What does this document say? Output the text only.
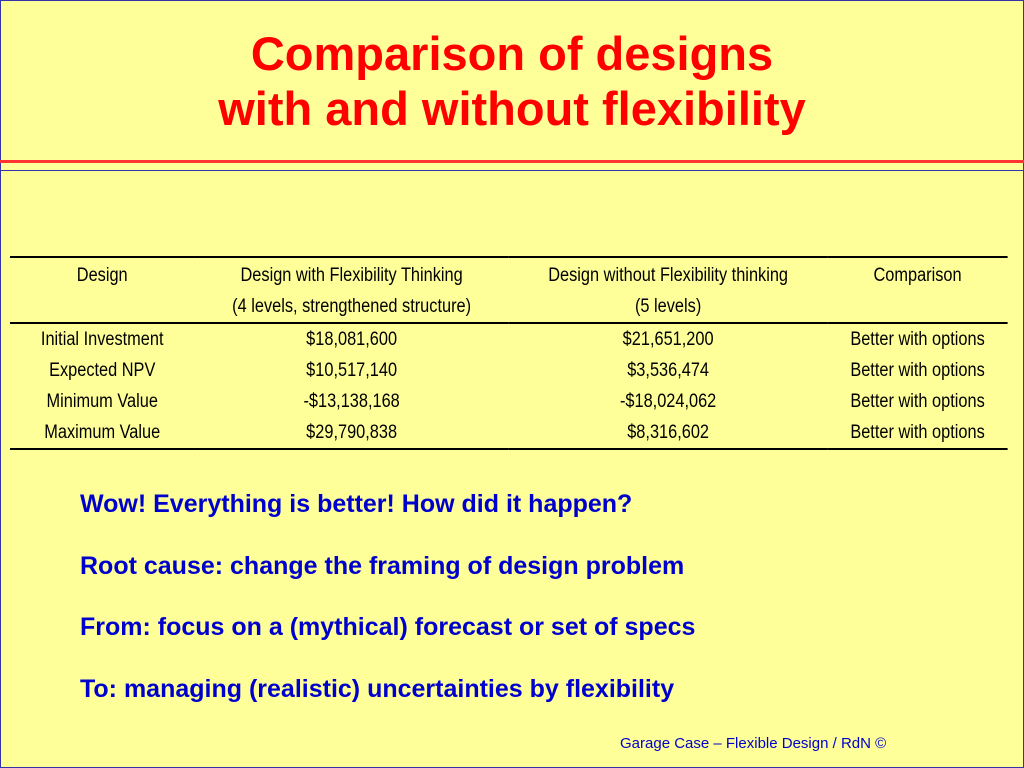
Comparison of designs
with and without flexibility
Design	Design with Flexibility Thinking	Design without Flexibility thinking	Comparison
	(4 levels, strengthened structure)	(5 levels)	
Initial Investment	$18,081,600	$21,651,200	Better with options
Expected NPV	$10,517,140	$3,536,474	Better with options
Minimum Value	-$13,138,168	-$18,024,062	Better with options
Maximum Value	$29,790,838	$8,316,602	Better with options
Wow! Everything is better! How did it happen?
Root cause: change the framing of design problem
From: focus on a (mythical) forecast or set of specs
To: managing (realistic) uncertainties by flexibility
Garage Case – Flexible Design / RdN ©
